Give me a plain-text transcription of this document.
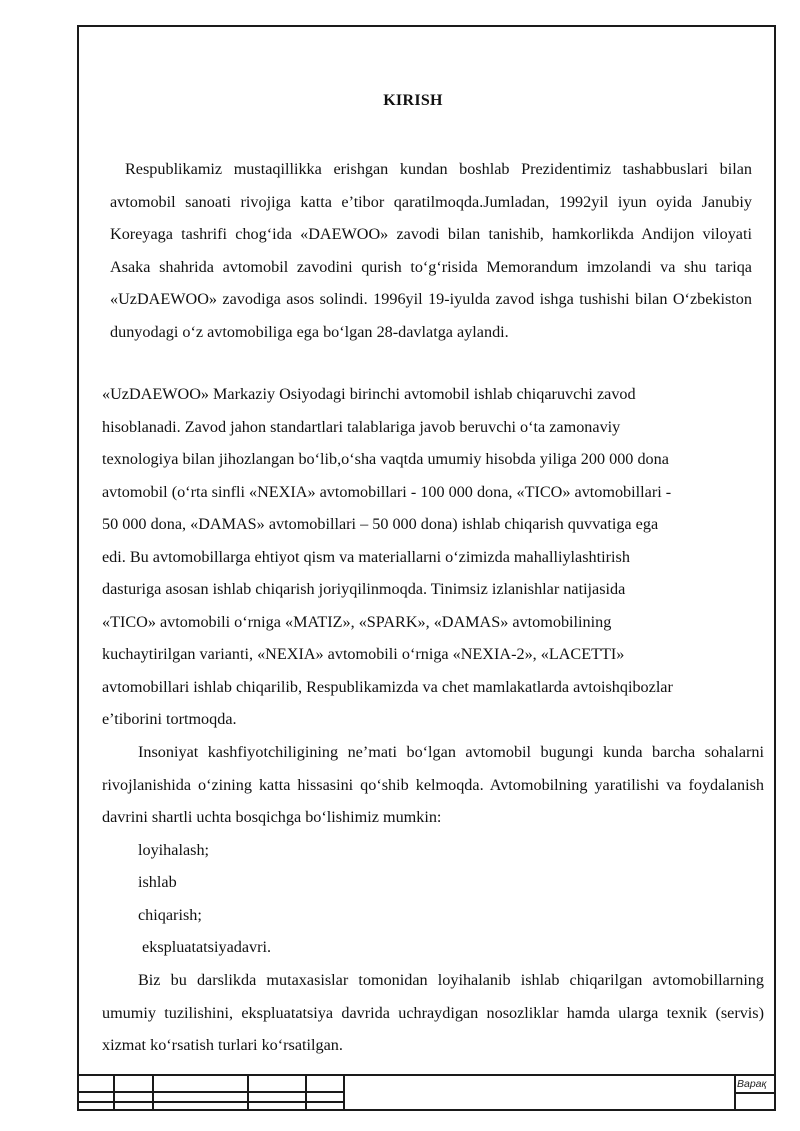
KIRISH
Respublikamiz mustaqillikka erishgan kundan boshlab Prezidentimiz tashabbuslari bilan avtomobil sanoati rivojiga katta e’tibor qaratilmoqda.Jumladan, 1992yil iyun oyida Janubiy Koreyaga tashrifi chog‘ida «DAEWOO» zavodi bilan tanishib, hamkorlikda Andijon viloyati Asaka shahrida avtomobil zavodini qurish to‘g‘risida Memorandum imzolandi va shu tariqa «UzDAEWOO» zavodiga asos solindi. 1996yil 19-iyulda zavod ishga tushishi bilan O‘zbekiston dunyodagi o‘z avtomobiliga ega bo‘lgan 28-davlatga aylandi.
«UzDAEWOO» Markaziy Osiyodagi birinchi avtomobil ishlab chiqaruvchi zavod
hisoblanadi. Zavod jahon standartlari talablariga javob beruvchi o‘ta zamonaviy
texnologiya bilan jihozlangan bo‘lib,o‘sha vaqtda umumiy hisobda yiliga 200 000 dona
avtomobil (o‘rta sinfli «NEXIA» avtomobillari - 100 000 dona, «TICO» avtomobillari -
50 000 dona, «DAMAS» avtomobillari – 50 000 dona) ishlab chiqarish quvvatiga ega
edi. Bu avtomobillarga ehtiyot qism va materiallarni o‘zimizda mahalliylashtirish
dasturiga asosan ishlab chiqarish joriyqilinmoqda. Tinimsiz izlanishlar natijasida
«TICO» avtomobili o‘rniga «MATIZ», «SPARK», «DAMAS» avtomobilining
kuchaytirilgan varianti, «NEXIA» avtomobili o‘rniga «NEXIA-2», «LACETTI»
avtomobillari ishlab chiqarilib, Respublikamizda va chet mamlakatlarda avtoishqibozlar
e’tiborini tortmoqda.
Insoniyat kashfiyotchiligining ne’mati bo‘lgan avtomobil bugungi kunda barcha sohalarni rivojlanishida o‘zining katta hissasini qo‘shib kelmoqda. Avtomobilning yaratilishi va foydalanish davrini shartli uchta bosqichga bo‘lishimiz mumkin:
loyihalash;
ishlab
chiqarish;
ekspluatatsiyadavri.
Biz bu darslikda mutaxasislar tomonidan loyihalanib ishlab chiqarilgan avtomobillarning umumiy tuzilishini, ekspluatatsiya davrida uchraydigan nosozliklar hamda ularga texnik (servis) xizmat ko‘rsatish turlari ko‘rsatilgan.
Варақ
